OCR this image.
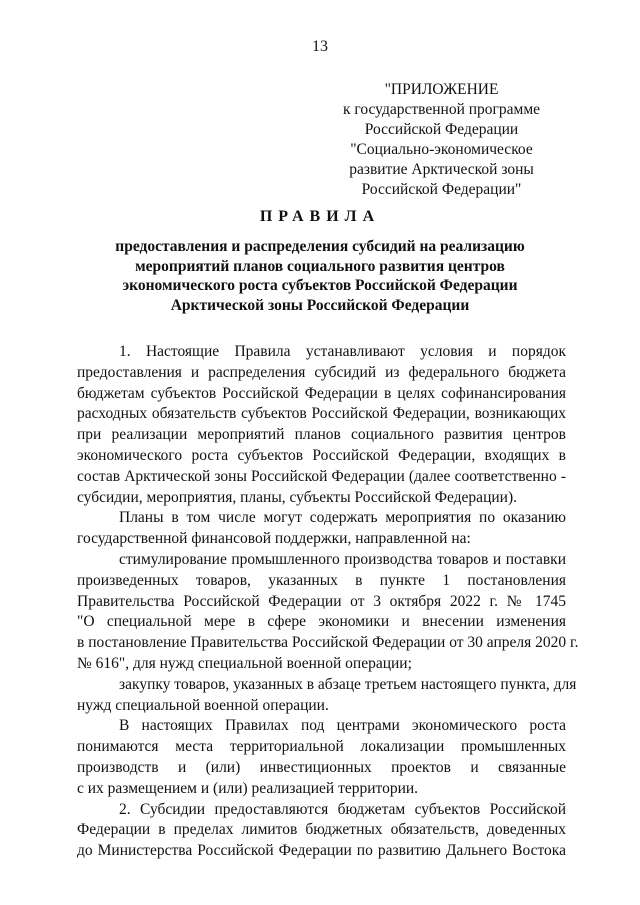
13
"ПРИЛОЖЕНИЕ
к государственной программе
Российской Федерации
"Социально-экономическое
развитие Арктической зоны
Российской Федерации"
ПРАВИЛА
предоставления и распределения субсидий на реализацию
мероприятий планов социального развития центров
экономического роста субъектов Российской Федерации
Арктической зоны Российской Федерации
1. Настоящие Правила устанавливают условия и порядок
предоставления и распределения субсидий из федерального бюджета
бюджетам субъектов Российской Федерации в целях софинансирования
расходных обязательств субъектов Российской Федерации, возникающих
при реализации мероприятий планов социального развития центров
экономического роста субъектов Российской Федерации, входящих в
состав Арктической зоны Российской Федерации (далее соответственно -
субсидии, мероприятия, планы, субъекты Российской Федерации).
Планы в том числе могут содержать мероприятия по оказанию
государственной финансовой поддержки, направленной на:
стимулирование промышленного производства товаров и поставки
произведенных товаров, указанных в пункте 1 постановления
Правительства Российской Федерации от 3 октября 2022 г. № 1745
"О специальной мере в сфере экономики и внесении изменения
в постановление Правительства Российской Федерации от 30 апреля 2020 г.
№ 616", для нужд специальной военной операции;
закупку товаров, указанных в абзаце третьем настоящего пункта, для
нужд специальной военной операции.
В настоящих Правилах под центрами экономического роста
понимаются места территориальной локализации промышленных
производств и (или) инвестиционных проектов и связанные
с их размещением и (или) реализацией территории.
2. Субсидии предоставляются бюджетам субъектов Российской
Федерации в пределах лимитов бюджетных обязательств, доведенных
до Министерства Российской Федерации по развитию Дальнего Востока
